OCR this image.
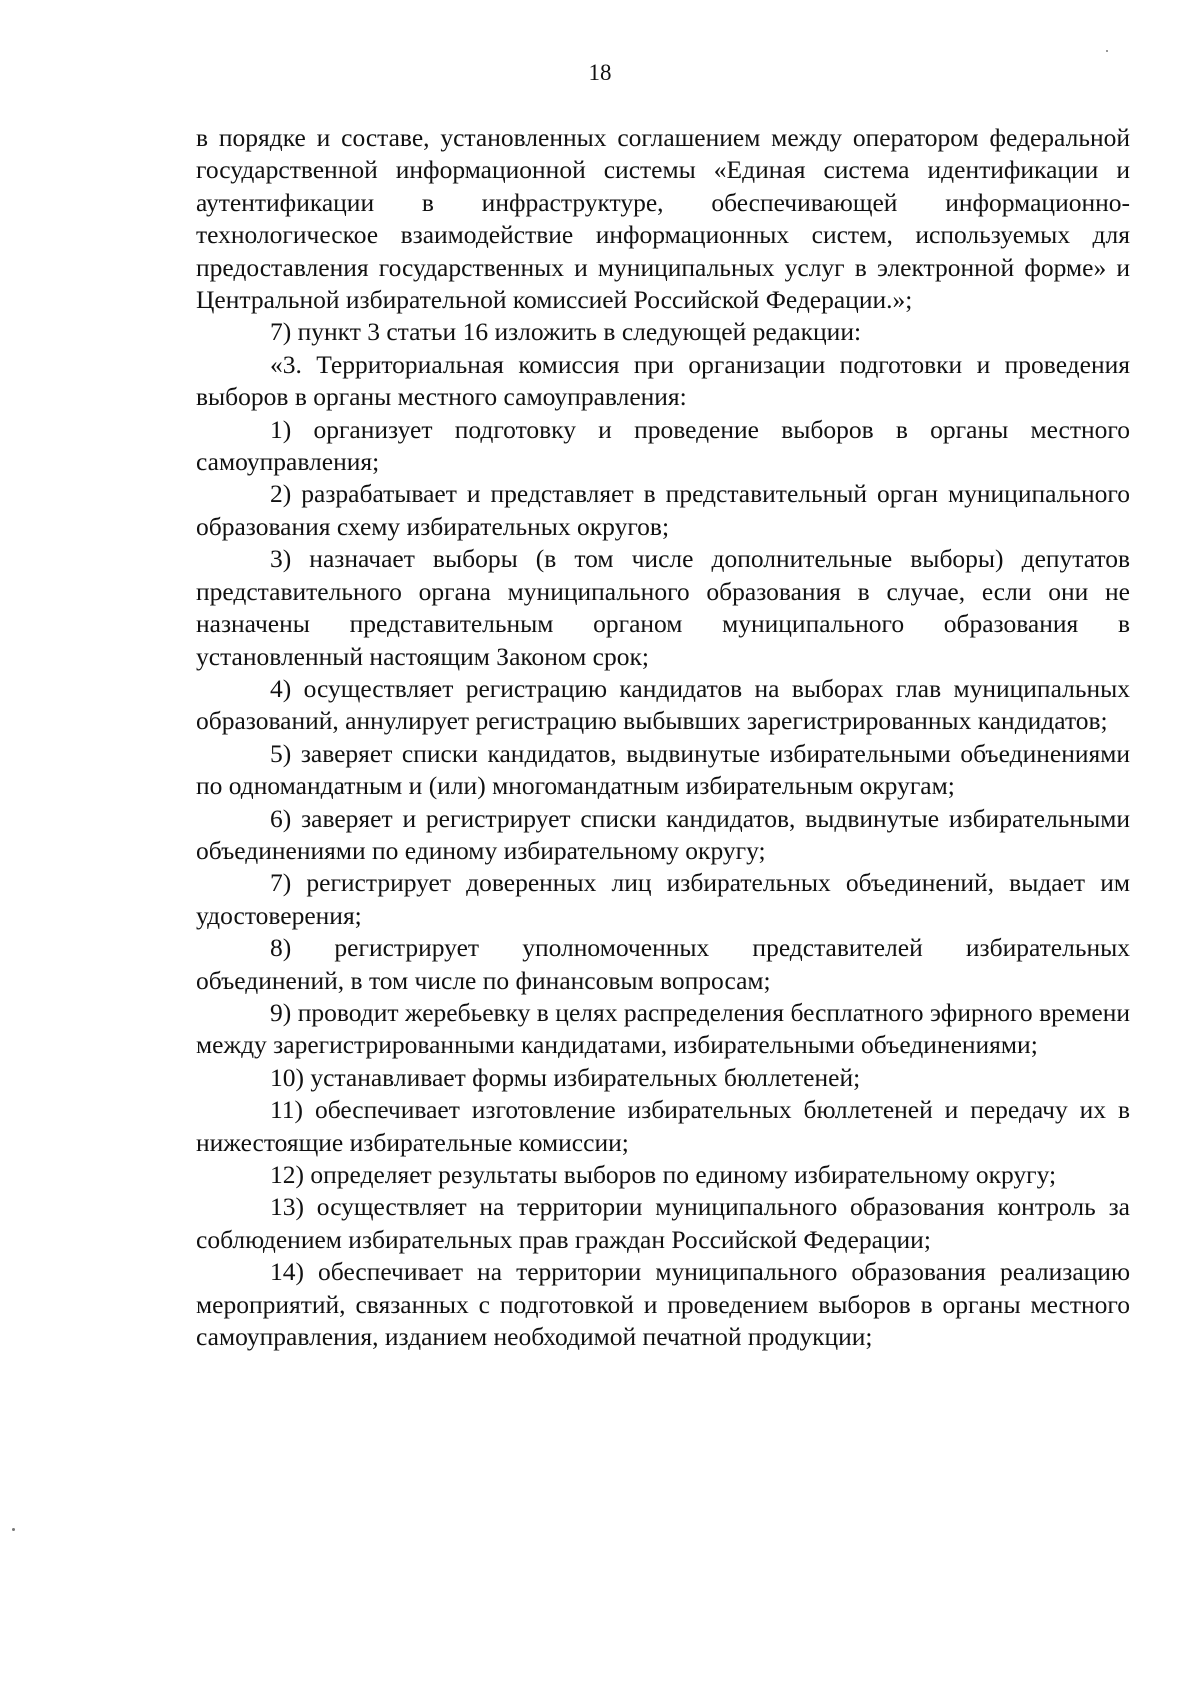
18

в порядке и составе, установленных соглашением между оператором федеральной государственной информационной системы «Единая система идентификации и аутентификации в инфраструктуре, обеспечивающей информационно-технологическое взаимодействие информационных систем, используемых для предоставления государственных и муниципальных услуг в электронной форме» и Центральной избирательной комиссией Российской Федерации.»;

7) пункт 3 статьи 16 изложить в следующей редакции:

«3. Территориальная комиссия при организации подготовки и проведения выборов в органы местного самоуправления:

1) организует подготовку и проведение выборов в органы местного самоуправления;

2) разрабатывает и представляет в представительный орган муниципального образования схему избирательных округов;

3) назначает выборы (в том числе дополнительные выборы) депутатов представительного органа муниципального образования в случае, если они не назначены представительным органом муниципального образования в установленный настоящим Законом срок;

4) осуществляет регистрацию кандидатов на выборах глав муниципальных образований, аннулирует регистрацию выбывших зарегистрированных кандидатов;

5) заверяет списки кандидатов, выдвинутые избирательными объединениями по одномандатным и (или) многомандатным избирательным округам;

6) заверяет и регистрирует списки кандидатов, выдвинутые избирательными объединениями по единому избирательному округу;

7) регистрирует доверенных лиц избирательных объединений, выдает им удостоверения;

8) регистрирует уполномоченных представителей избирательных объединений, в том числе по финансовым вопросам;

9) проводит жеребьевку в целях распределения бесплатного эфирного времени между зарегистрированными кандидатами, избирательными объединениями;

10) устанавливает формы избирательных бюллетеней;

11) обеспечивает изготовление избирательных бюллетеней и передачу их в нижестоящие избирательные комиссии;

12) определяет результаты выборов по единому избирательному округу;

13) осуществляет на территории муниципального образования контроль за соблюдением избирательных прав граждан Российской Федерации;

14) обеспечивает на территории муниципального образования реализацию мероприятий, связанных с подготовкой и проведением выборов в органы местного самоуправления, изданием необходимой печатной продукции;
